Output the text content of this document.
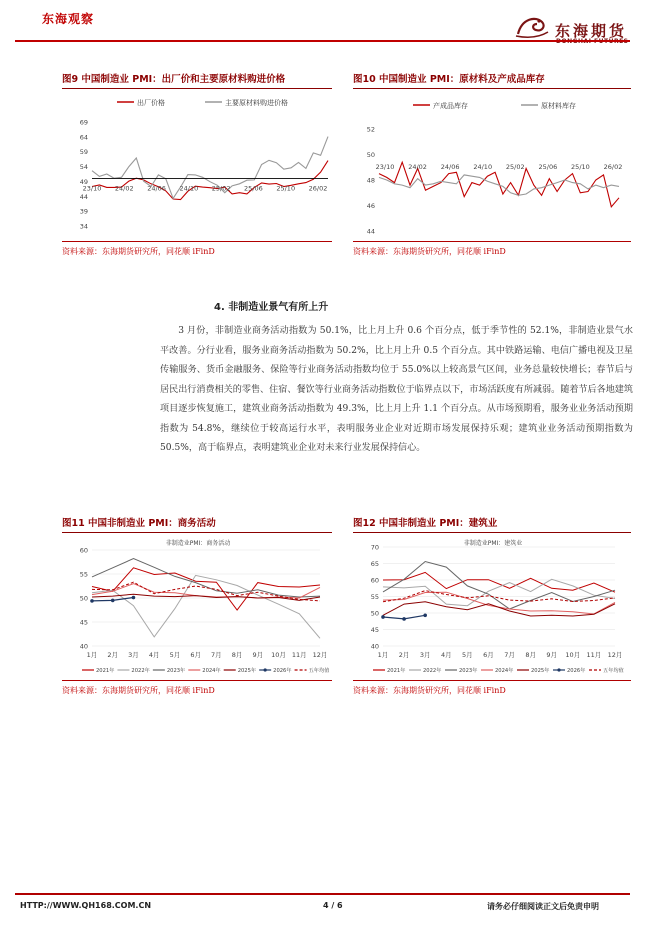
东海观察
东海期货
图9 中国制造业 PMI：出厂价和主要原材料购进价格	图10 中国制造业 PMI：原材料及产成品库存
出厂价格	主要原材料购进价格
69
64
59
54
49
44
39
34
23/10 24/02 24/06 24/10 25/02 25/06 25/10 26/02
产成品库存	原材料库存
52
50
48
46
44
23/10 24/02 24/06 24/10 25/02 25/06 25/10 26/02
资料来源：东海期货研究所，同花顺 iFinD	资料来源：东海期货研究所，同花顺 iFinD
4. 非制造业景气有所上升

3 月份，非制造业商务活动指数为 50.1%，比上月上升 0.6 个百分点，低于季节性的 52.1%，非制造业景气水平改善。分行业看，服务业商务活动指数为 50.2%，比上月上升 0.5 个百分点。其中铁路运输、电信广播电视及卫星传输服务、货币金融服务、保险等行业商务活动指数均位于 55.0%以上较高景气区间，业务总量较快增长；春节后与居民出行消费相关的零售、住宿、餐饮等行业商务活动指数位于临界点以下，市场活跃度有所减弱。随着节后各地建筑项目逐步恢复施工，建筑业商务活动指数为 49.3%，比上月上升 1.1 个百分点。从市场预期看，服务业业务活动预期指数为 54.8%，继续位于较高运行水平，表明服务业企业对近期市场发展保持乐观；建筑业业务活动预期指数为 50.5%，高于临界点，表明建筑业企业对未来行业发展保持信心。

图11 中国非制造业 PMI：商务活动	图12 中国非制造业 PMI：建筑业
非制造业PMI：商务活动
60
55
50
45
40
1月 2月 3月 4月 5月 6月 7月 8月 9月 10月 11月 12月
2021年	2022年	2023年	2024年	2025年	2026年	五年均值
非制造业PMI：建筑业
70
65
60
55
50
45
40
1月 2月 3月 4月 5月 6月 7月 8月 9月 10月 11月 12月
2021年	2022年	2023年	2024年	2025年	2026年	五年均值
资料来源：东海期货研究所，同花顺 iFinD	资料来源：东海期货研究所，同花顺 iFinD
HTTP://WWW.QH168.COM.CN	4 / 6	请务必仔细阅读正文后免责申明
